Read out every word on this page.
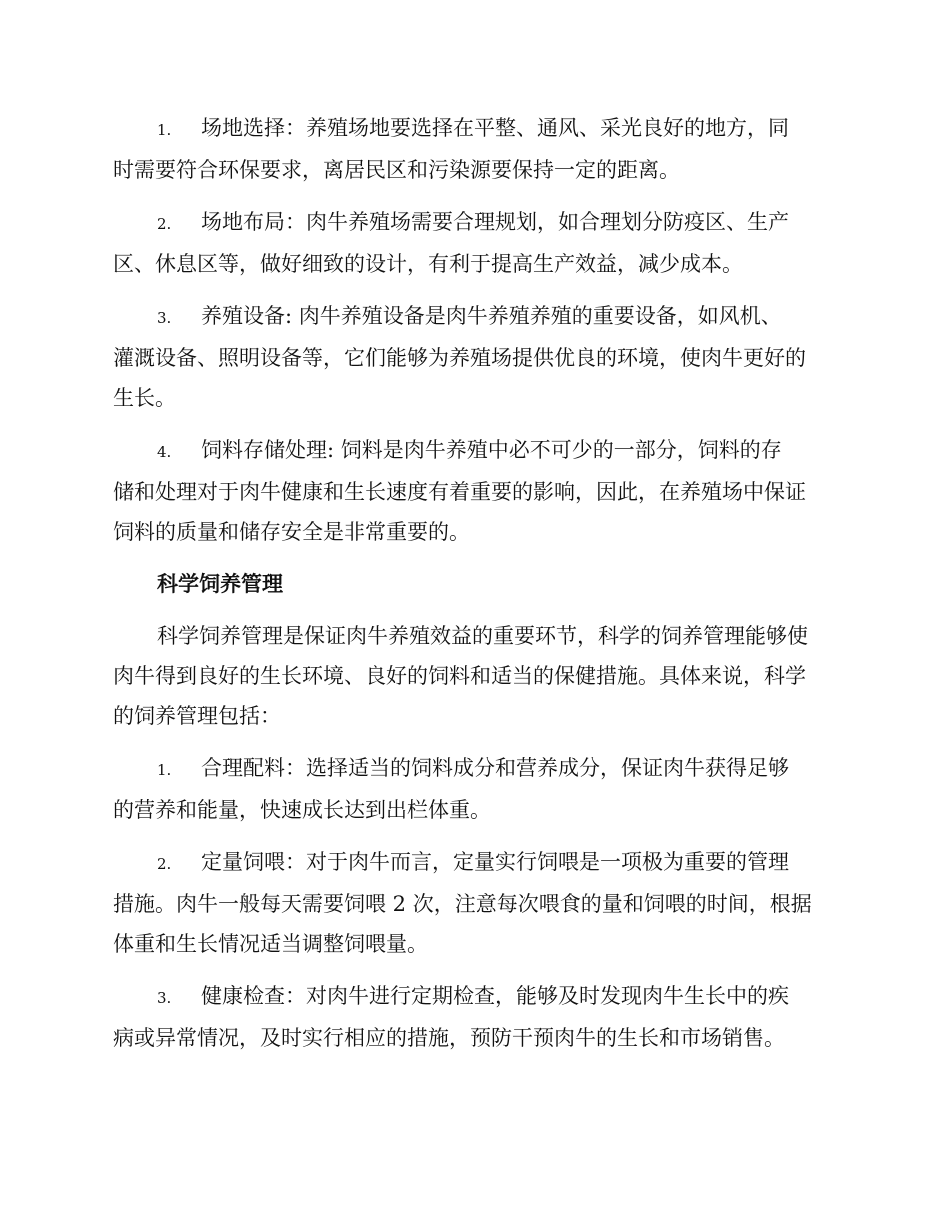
1. 场地选择：养殖场地要选择在平整、通风、采光良好的地方，同
时需要符合环保要求，离居民区和污染源要保持一定的距离。
2. 场地布局：肉牛养殖场需要合理规划，如合理划分防疫区、生产
区、休息区等，做好细致的设计，有利于提高生产效益，减少成本。
3. 养殖设备: 肉牛养殖设备是肉牛养殖养殖的重要设备，如风机、
灌溉设备、照明设备等，它们能够为养殖场提供优良的环境，使肉牛更好的
生长。
4. 饲料存储处理: 饲料是肉牛养殖中必不可少的一部分，饲料的存
储和处理对于肉牛健康和生长速度有着重要的影响，因此，在养殖场中保证
饲料的质量和储存安全是非常重要的。
科学饲养管理
科学饲养管理是保证肉牛养殖效益的重要环节，科学的饲养管理能够使
肉牛得到良好的生长环境、良好的饲料和适当的保健措施。具体来说，科学
的饲养管理包括：
1. 合理配料：选择适当的饲料成分和营养成分，保证肉牛获得足够
的营养和能量，快速成长达到出栏体重。
2. 定量饲喂：对于肉牛而言，定量实行饲喂是一项极为重要的管理
措施。肉牛一般每天需要饲喂 2 次，注意每次喂食的量和饲喂的时间，根据
体重和生长情况适当调整饲喂量。
3. 健康检查：对肉牛进行定期检查，能够及时发现肉牛生长中的疾
病或异常情况，及时实行相应的措施，预防干预肉牛的生长和市场销售。
